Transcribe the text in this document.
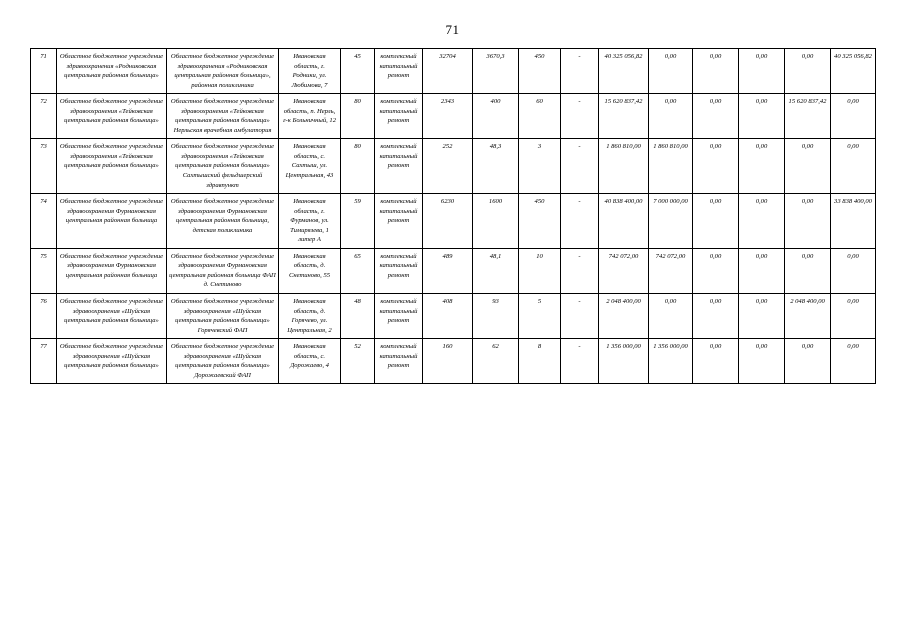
71
71	Областное бюджетное учреждение здравоохранения «Родниковская центральная районная больница»	Областное бюджетное учреждение здравоохранения «Родниковская центральная районная больница», районная поликлиника	Ивановская область, г. Родники, ул. Любимова, 7	45	комплексный капитальный ремонт	32704	3670,3	450	-	40 325 056,82	0,00	0,00	0,00	0,00	40 325 056,82
72	Областное бюджетное учреждение здравоохранения «Тейковская центральная районная больница»	Областное бюджетное учреждение здравоохранения «Тейковская центральная районная больница» Нерльская врачебная амбулатория	Ивановская область, п. Нерль, г-к Больничный, 12	80	комплексный капитальный ремонт	2343	400	60	-	15 620 837,42	0,00	0,00	0,00	15 620 837,42	0,00
73	Областное бюджетное учреждение здравоохранения «Тейковская центральная районная больница»	Областное бюджетное учреждение здравоохранения «Тейковская центральная районная больница» Сахтышский фельдшерский здравпункт	Ивановская область, с. Сахтыш, ул. Центральная, 43	80	комплексный капитальный ремонт	252	48,3	3	-	1 860 810,00	1 860 810,00	0,00	0,00	0,00	0,00
74	Областное бюджетное учреждение здравоохранения Фурмановская центральная районная больница	Областное бюджетное учреждение здравоохранения Фурмановская центральная районная больница, детская поликлиника	Ивановская область, г. Фурманов, ул. Тимирязева, 1 литер А	59	комплексный капитальный ремонт	6230	1600	450	-	40 838 400,00	7 000 000,00	0,00	0,00	0,00	33 838 400,00
75	Областное бюджетное учреждение здравоохранения Фурмановская центральная районная больница	Областное бюджетное учреждение здравоохранения Фурмановская центральная районная больница ФАП д. Снетиново	Ивановская область, д. Снетиново, 55	65	комплексный капитальный ремонт	489	48,1	10	-	742 072,00	742 072,00	0,00	0,00	0,00	0,00
76	Областное бюджетное учреждение здравоохранения «Шуйская центральная районная больница»	Областное бюджетное учреждение здравоохранения «Шуйская центральная районная больница» Горячевский ФАП	Ивановская область, д. Горячево, ул. Центральная, 2	48	комплексный капитальный ремонт	408	93	5	-	2 048 400,00	0,00	0,00	0,00	2 048 400,00	0,00
77	Областное бюджетное учреждение здравоохранения «Шуйская центральная районная больница»	Областное бюджетное учреждение здравоохранения «Шуйская центральная районная больница» Дорожаевский ФАП	Ивановская область, с. Дорожаево, 4	52	комплексный капитальный ремонт	160	62	8	-	1 356 000,00	1 356 000,00	0,00	0,00	0,00	0,00
